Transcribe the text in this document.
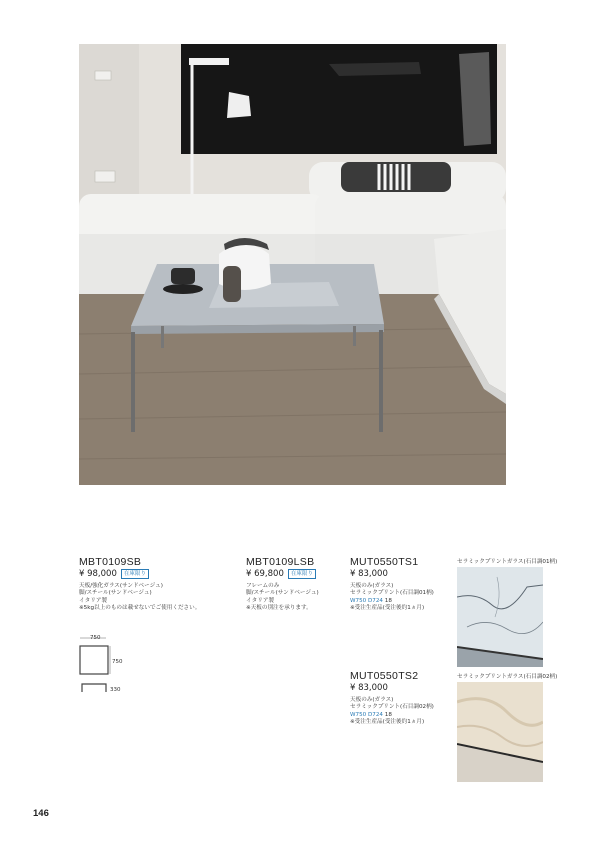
MBT0109SB
¥ 98,000	在庫限り
天板/強化ガラス(サンドベージュ)
脚/スチール(サンドベージュ)
イタリア製
※5kg以上のものは載せないでご使用ください。
MBT0109LSB
¥ 69,800	在庫限り
フレームのみ
脚/スチール(サンドベージュ)
イタリア製
※天板の別注を承ります。
MUT0550TS1
¥ 83,000
天板のみ(ガラス)
セラミックプリント(石目調01柄)
W750 D724 18
※受注生産品(受注後約1ヵ月)
MUT0550TS2
¥ 83,000
天板のみ(ガラス)
セラミックプリント(石目調02柄)
W750 D724 18
※受注生産品(受注後約1ヵ月)
セラミックプリントガラス(石目調01柄)
セラミックプリントガラス(石目調02柄)
750
750
330
146
